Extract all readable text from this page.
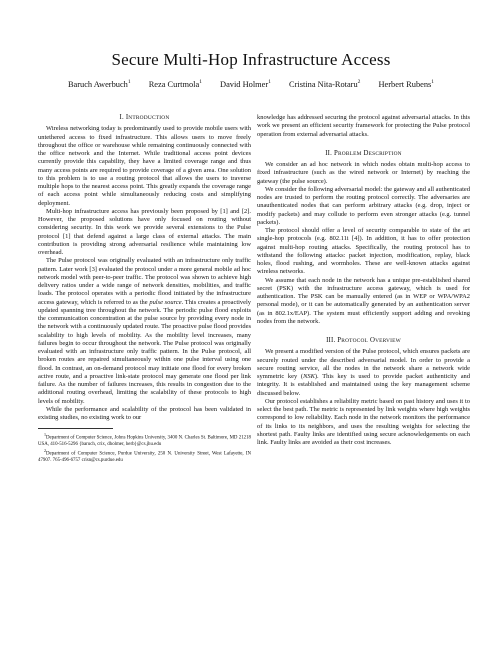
Secure Multi-Hop Infrastructure Access
Baruch Awerbuch$^1$ Reza Curtmola$^1$ David Holmer$^1$ Cristina Nita-Rotaru$^2$ Herbert Rubens$^1$
I. INTRODUCTION

Wireless networking today is predominantly used to provide mobile users with untethered access to fixed infrastructure. This allows users to move freely throughout the office or warehouse while remaining continuously connected with the office network and the Internet. While traditional access point devices currently provide this capability, they have a limited coverage range and thus many access points are required to provide coverage of a given area. One solution to this problem is to use a routing protocol that allows the users to traverse multiple hops to the nearest access point. This greatly expands the coverage range of each access point while simultaneously reducing costs and simplifying deployment.

Multi-hop infrastructure access has previously been proposed by [1] and [2]. However, the proposed solutions have only focused on routing without considering security. In this work we provide several extensions to the Pulse protocol [1] that defend against a large class of external attacks. The main contribution is providing strong adversarial resilience while maintaining low overhead.

The Pulse protocol was originally evaluated with an infrastructure only traffic pattern. Later work [3] evaluated the protocol under a more general mobile ad hoc network model with peer-to-peer traffic. The protocol was shown to achieve high delivery ratios under a wide range of network densities, mobilities, and traffic loads. The protocol operates with a periodic flood initiated by the infrastructure access gateway, which is referred to as the pulse source. This creates a proactively updated spanning tree throughout the network. The periodic pulse flood exploits the communication concentration at the pulse source by providing every node in the network with a continuously updated route. The proactive pulse flood provides scalability to high levels of mobility. As the mobility level increases, many failures begin to occur throughout the network. The Pulse protocol was originally evaluated with an infrastructure only traffic pattern. In the Pulse protocol, all broken routes are repaired simultaneously within one pulse interval using one flood. In contrast, an on-demand protocol may initiate one flood for every broken active route, and a proactive link-state protocol may generate one flood per link failure. As the number of failures increases, this results in congestion due to the additional routing overhead, limiting the scalability of these protocols to high levels of mobility.

While the performance and scalability of the protocol has been validated in existing studies, no existing work to our

$^1$Department of Computer Science, Johns Hopkins University, 3400 N. Charles St. Baltimore, MD 21218 USA, 410-516-5296 {baruch, crix, dholmer, herb}@cs.jhu.edu
$^2$Department of Computer Science, Purdue University, 250 N. University Street, West Lafayette, IN 47907. 765-496-6757 crisn@cs.purdue.edu

knowledge has addressed securing the protocol against adversarial attacks. In this work we present an efficient security framework for protecting the Pulse protocol operation from external adversarial attacks.

II. PROBLEM DESCRIPTION

We consider an ad hoc network in which nodes obtain multi-hop access to fixed infrastructure (such as the wired network or Internet) by reaching the gateway (the pulse source).

We consider the following adversarial model: the gateway and all authenticated nodes are trusted to perform the routing protocol correctly. The adversaries are unauthenticated nodes that can perform arbitrary attacks (e.g. drop, inject or modify packets) and may collude to perform even stronger attacks (e.g. tunnel packets).

The protocol should offer a level of security comparable to state of the art single-hop protocols (e.g. 802.11i [4]). In addition, it has to offer protection against multi-hop routing attacks. Specifically, the routing protocol has to withstand the following attacks: packet injection, modification, replay, black holes, flood rushing, and wormholes. These are well-known attacks against wireless networks.

We assume that each node in the network has a unique pre-established shared secret (PSK) with the infrastructure access gateway, which is used for authentication. The PSK can be manually entered (as in WEP or WPA/WPA2 personal mode), or it can be automatically generated by an authentication server (as in 802.1x/EAP). The system must efficiently support adding and revoking nodes from the network.

III. PROTOCOL OVERVIEW

We present a modified version of the Pulse protocol, which ensures packets are securely routed under the described adversarial model. In order to provide a secure routing service, all the nodes in the network share a network wide symmetric key (NSK). This key is used to provide packet authenticity and integrity. It is established and maintained using the key management scheme discussed below.

Our protocol establishes a reliability metric based on past history and uses it to select the best path. The metric is represented by link weights where high weights correspond to low reliability. Each node in the network monitors the performance of its links to its neighbors, and uses the resulting weights for selecting the shortest path. Faulty links are identified using secure acknowledgements on each link. Faulty links are avoided as their cost increases.
